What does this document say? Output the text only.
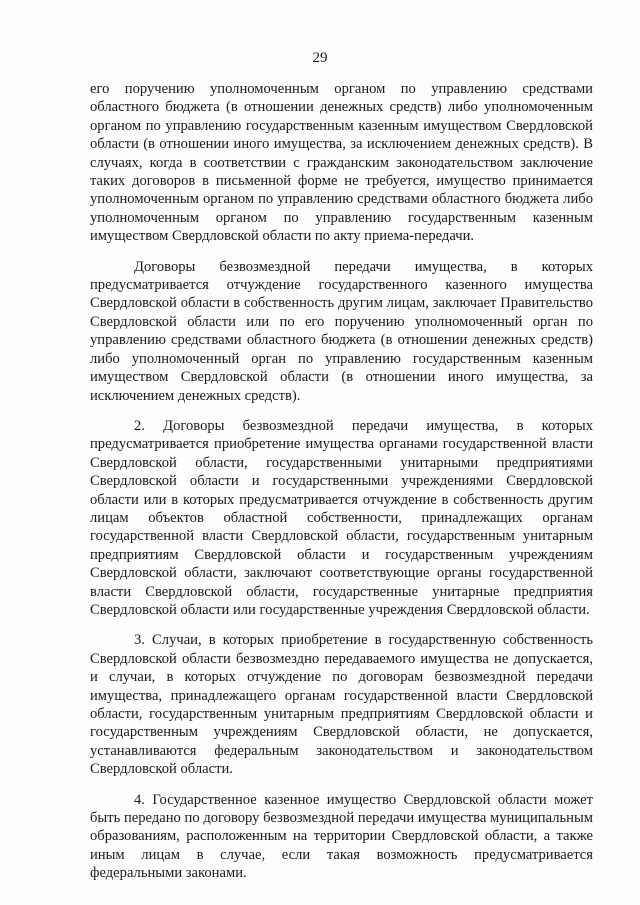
29

его поручению уполномоченным органом по управлению средствами областного бюджета (в отношении денежных средств) либо уполномоченным органом по управлению государственным казенным имуществом Свердловской области (в отношении иного имущества, за исключением денежных средств). В случаях, когда в соответствии с гражданским законодательством заключение таких договоров в письменной форме не требуется, имущество принимается уполномоченным органом по управлению средствами областного бюджета либо уполномоченным органом по управлению государственным казенным имуществом Свердловской области по акту приема-передачи.

Договоры безвозмездной передачи имущества, в которых предусматривается отчуждение государственного казенного имущества Свердловской области в собственность другим лицам, заключает Правительство Свердловской области или по его поручению уполномоченный орган по управлению средствами областного бюджета (в отношении денежных средств) либо уполномоченный орган по управлению государственным казенным имуществом Свердловской области (в отношении иного имущества, за исключением денежных средств).

2. Договоры безвозмездной передачи имущества, в которых предусматривается приобретение имущества органами государственной власти Свердловской области, государственными унитарными предприятиями Свердловской области и государственными учреждениями Свердловской области или в которых предусматривается отчуждение в собственность другим лицам объектов областной собственности, принадлежащих органам государственной власти Свердловской области, государственным унитарным предприятиям Свердловской области и государственным учреждениям Свердловской области, заключают соответствующие органы государственной власти Свердловской области, государственные унитарные предприятия Свердловской области или государственные учреждения Свердловской области.

3. Случаи, в которых приобретение в государственную собственность Свердловской области безвозмездно передаваемого имущества не допускается, и случаи, в которых отчуждение по договорам безвозмездной передачи имущества, принадлежащего органам государственной власти Свердловской области, государственным унитарным предприятиям Свердловской области и государственным учреждениям Свердловской области, не допускается, устанавливаются федеральным законодательством и законодательством Свердловской области.

4. Государственное казенное имущество Свердловской области может быть передано по договору безвозмездной передачи имущества муниципальным образованиям, расположенным на территории Свердловской области, а также иным лицам в случае, если такая возможность предусматривается федеральными законами.
